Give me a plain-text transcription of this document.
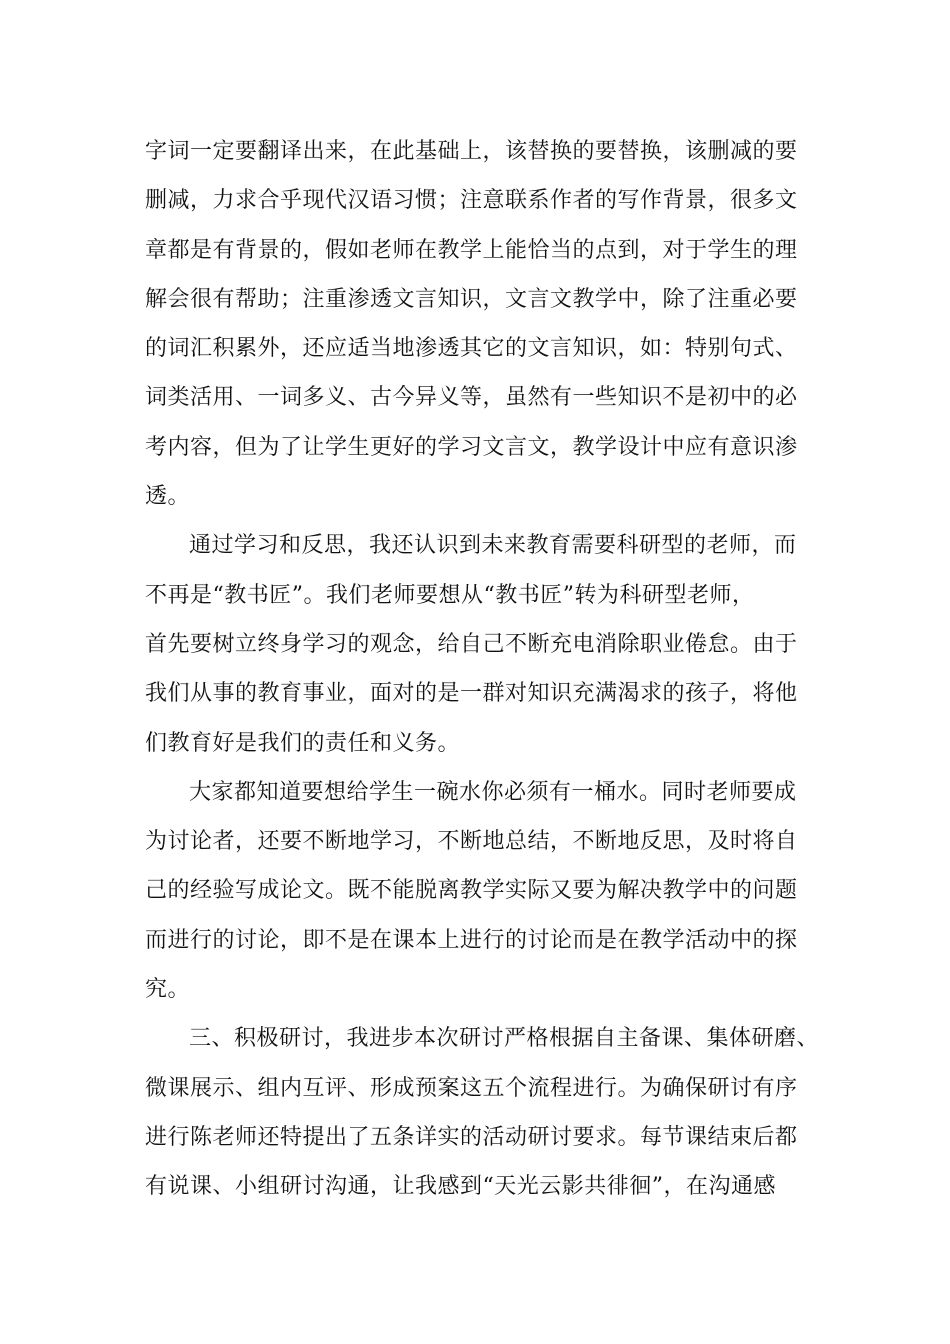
字词一定要翻译出来，在此基础上，该替换的要替换，该删减的要
删减，力求合乎现代汉语习惯；注意联系作者的写作背景，很多文
章都是有背景的，假如老师在教学上能恰当的点到，对于学生的理
解会很有帮助；注重渗透文言知识，文言文教学中，除了注重必要
的词汇积累外，还应适当地渗透其它的文言知识，如：特别句式、
词类活用、一词多义、古今异义等，虽然有一些知识不是初中的必
考内容，但为了让学生更好的学习文言文，教学设计中应有意识渗
透。
通过学习和反思，我还认识到未来教育需要科研型的老师，而
不再是“教书匠”。我们老师要想从“教书匠”转为科研型老师，
首先要树立终身学习的观念，给自己不断充电消除职业倦怠。由于
我们从事的教育事业，面对的是一群对知识充满渴求的孩子，将他
们教育好是我们的责任和义务。
大家都知道要想给学生一碗水你必须有一桶水。同时老师要成
为讨论者，还要不断地学习，不断地总结，不断地反思，及时将自
己的经验写成论文。既不能脱离教学实际又要为解决教学中的问题
而进行的讨论，即不是在课本上进行的讨论而是在教学活动中的探
究。
三、积极研讨，我进步本次研讨严格根据自主备课、集体研磨、
微课展示、组内互评、形成预案这五个流程进行。为确保研讨有序
进行陈老师还特提出了五条详实的活动研讨要求。每节课结束后都
有说课、小组研讨沟通，让我感到“天光云影共徘徊”，在沟通感
